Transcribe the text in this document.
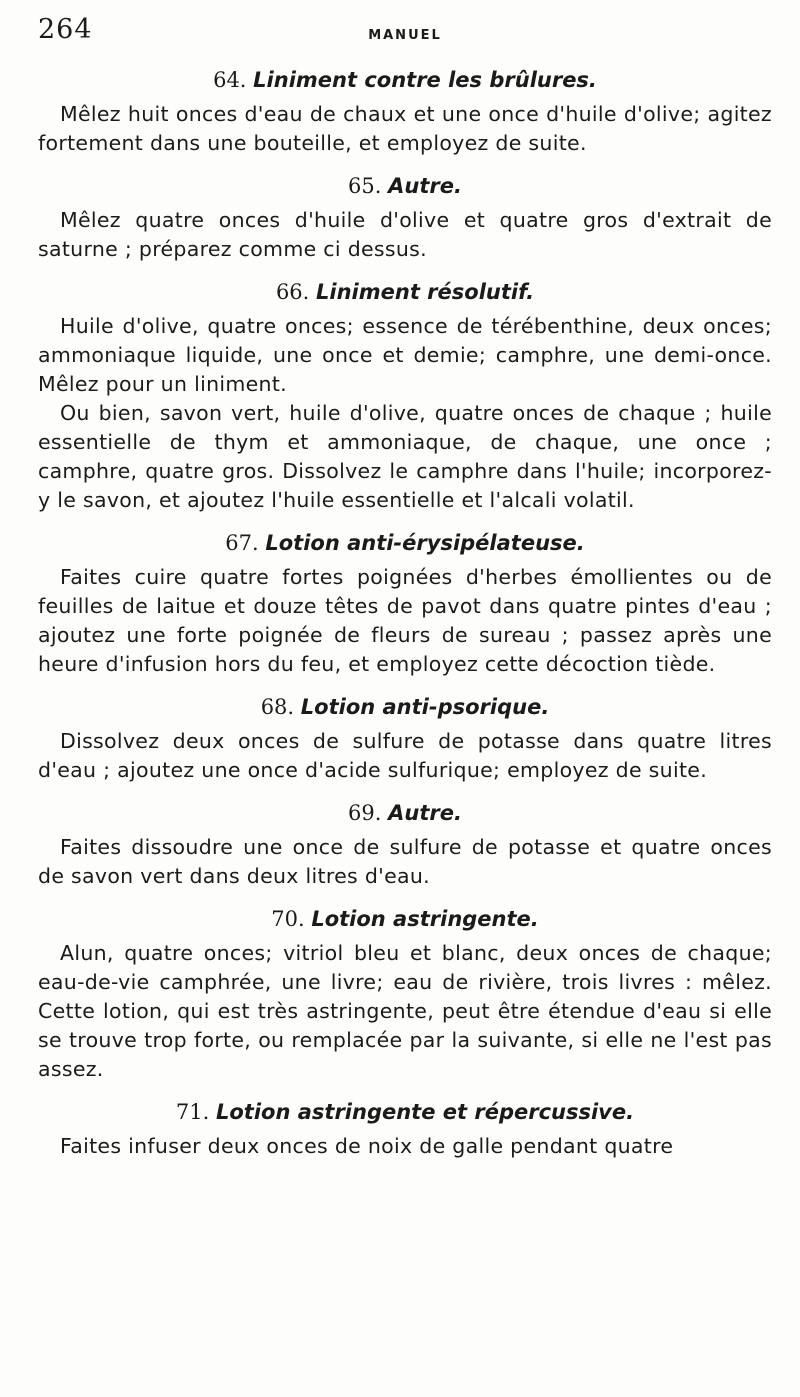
264	MANUEL
64. Liniment contre les brûlures.

Mêlez huit onces d'eau de chaux et une once d'huile d'olive; agitez fortement dans une bouteille, et employez de suite.

65. Autre.

Mêlez quatre onces d'huile d'olive et quatre gros d'extrait de saturne ; préparez comme ci dessus.

66. Liniment résolutif.

Huile d'olive, quatre onces; essence de térébenthine, deux onces; ammoniaque liquide, une once et demie; camphre, une demi-once. Mêlez pour un liniment.

Ou bien, savon vert, huile d'olive, quatre onces de chaque ; huile essentielle de thym et ammoniaque, de chaque, une once ; camphre, quatre gros. Dissolvez le camphre dans l'huile; incorporez-y le savon, et ajoutez l'huile essentielle et l'alcali volatil.

67. Lotion anti-érysipélateuse.

Faites cuire quatre fortes poignées d'herbes émollientes ou de feuilles de laitue et douze têtes de pavot dans quatre pintes d'eau ; ajoutez une forte poignée de fleurs de sureau ; passez après une heure d'infusion hors du feu, et employez cette décoction tiède.

68. Lotion anti-psorique.

Dissolvez deux onces de sulfure de potasse dans quatre litres d'eau ; ajoutez une once d'acide sulfurique; employez de suite.

69. Autre.

Faites dissoudre une once de sulfure de potasse et quatre onces de savon vert dans deux litres d'eau.

70. Lotion astringente.

Alun, quatre onces; vitriol bleu et blanc, deux onces de chaque; eau-de-vie camphrée, une livre; eau de rivière, trois livres : mêlez. Cette lotion, qui est très astringente, peut être étendue d'eau si elle se trouve trop forte, ou remplacée par la suivante, si elle ne l'est pas assez.

71. Lotion astringente et répercussive.

Faites infuser deux onces de noix de galle pendant quatre
